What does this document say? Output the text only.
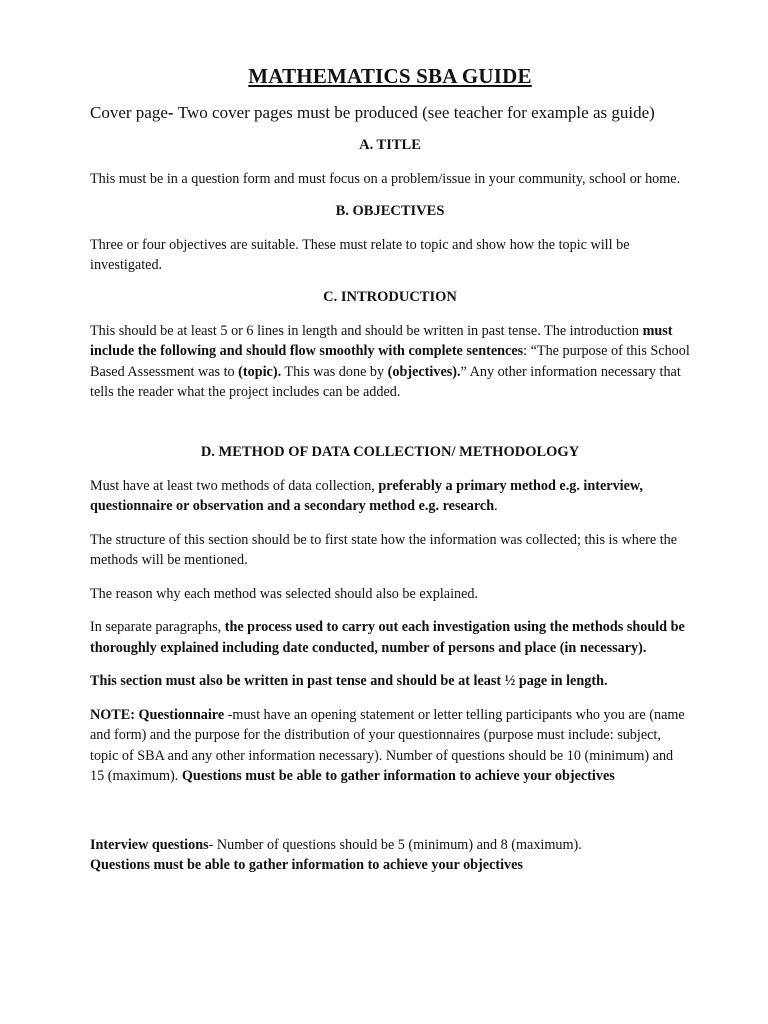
MATHEMATICS SBA GUIDE
Cover page- Two cover pages must be produced (see teacher for example as guide)
A. TITLE

This must be in a question form and must focus on a problem/issue in your community, school or home.

B. OBJECTIVES

Three or four objectives are suitable. These must relate to topic and show how the topic will be investigated.

C. INTRODUCTION

This should be at least 5 or 6 lines in length and should be written in past tense. The introduction must include the following and should flow smoothly with complete sentences: “The purpose of this School Based Assessment was to (topic). This was done by (objectives).” Any other information necessary that tells the reader what the project includes can be added.

D. METHOD OF DATA COLLECTION/ METHODOLOGY

Must have at least two methods of data collection, preferably a primary method e.g. interview, questionnaire or observation and a secondary method e.g. research.

The structure of this section should be to first state how the information was collected; this is where the methods will be mentioned.

The reason why each method was selected should also be explained.

In separate paragraphs, the process used to carry out each investigation using the methods should be thoroughly explained including date conducted, number of persons and place (in necessary).

This section must also be written in past tense and should be at least ½ page in length.

NOTE: Questionnaire -must have an opening statement or letter telling participants who you are (name and form) and the purpose for the distribution of your questionnaires (purpose must include: subject, topic of SBA and any other information necessary). Number of questions should be 10 (minimum) and 15 (maximum). Questions must be able to gather information to achieve your objectives

Interview questions- Number of questions should be 5 (minimum) and 8 (maximum).
Questions must be able to gather information to achieve your objectives
